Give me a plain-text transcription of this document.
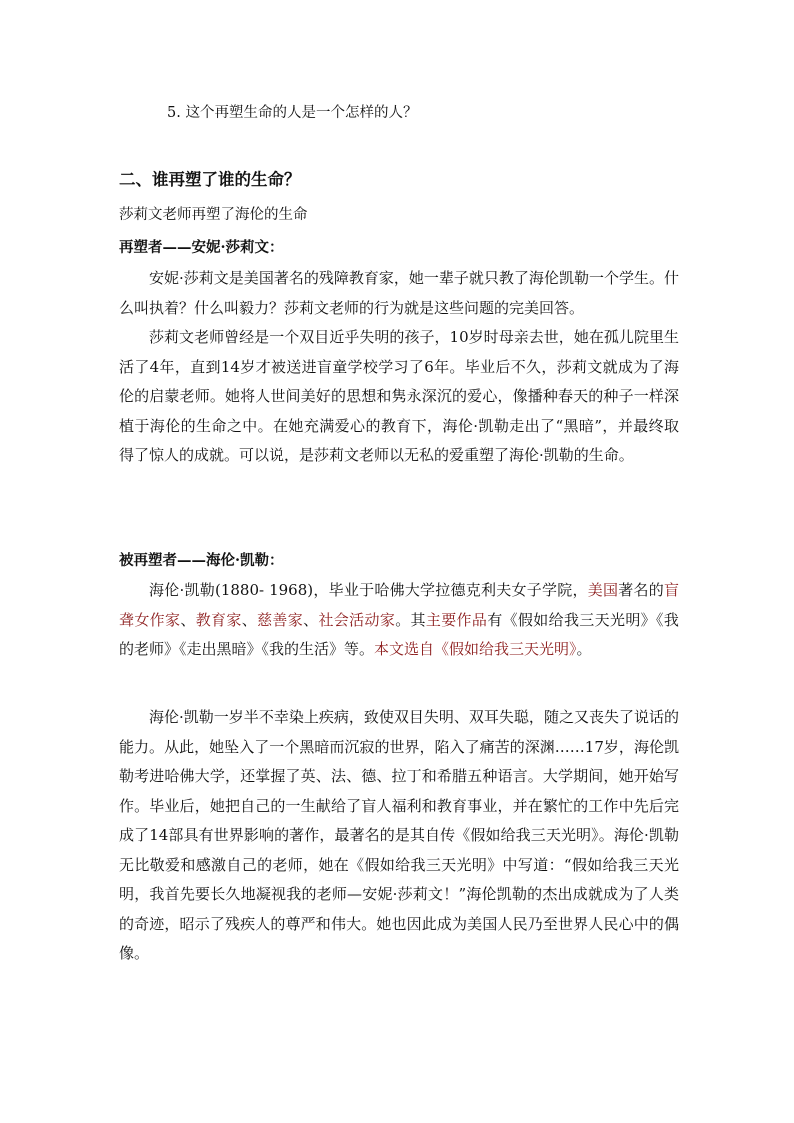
5. 这个再塑生命的人是一个怎样的人？
二、谁再塑了谁的生命？
莎莉文老师再塑了海伦的生命
再塑者——安妮·莎莉文：

安妮·莎莉文是美国著名的残障教育家，她一辈子就只教了海伦凯勒一个学生。什么叫执着？什么叫毅力？莎莉文老师的行为就是这些问题的完美回答。

莎莉文老师曾经是一个双目近乎失明的孩子，10岁时母亲去世，她在孤儿院里生活了4年，直到14岁才被送进盲童学校学习了6年。毕业后不久，莎莉文就成为了海伦的启蒙老师。她将人世间美好的思想和隽永深沉的爱心，像播种春天的种子一样深植于海伦的生命之中。在她充满爱心的教育下，海伦·凯勒走出了“黑暗”，并最终取得了惊人的成就。可以说，是莎莉文老师以无私的爱重塑了海伦·凯勒的生命。

被再塑者——海伦·凯勒：

海伦·凯勒(1880- 1968)，毕业于哈佛大学拉德克利夫女子学院，美国著名的盲聋女作家、教育家、慈善家、社会活动家。其主要作品有《假如给我三天光明》《我的老师》《走出黑暗》《我的生活》等。本文选自《假如给我三天光明》。

海伦·凯勒一岁半不幸染上疾病，致使双目失明、双耳失聪，随之又丧失了说话的能力。从此，她坠入了一个黑暗而沉寂的世界，陷入了痛苦的深渊……17岁，海伦凯勒考进哈佛大学，还掌握了英、法、德、拉丁和希腊五种语言。大学期间，她开始写作。毕业后，她把自己的一生献给了盲人福利和教育事业，并在繁忙的工作中先后完成了14部具有世界影响的著作，最著名的是其自传《假如给我三天光明》。海伦·凯勒无比敬爱和感激自己的老师，她在《假如给我三天光明》中写道：“假如给我三天光明，我首先要长久地凝视我的老师—安妮·莎莉文！”海伦凯勒的杰出成就成为了人类的奇迹，昭示了残疾人的尊严和伟大。她也因此成为美国人民乃至世界人民心中的偶像。
